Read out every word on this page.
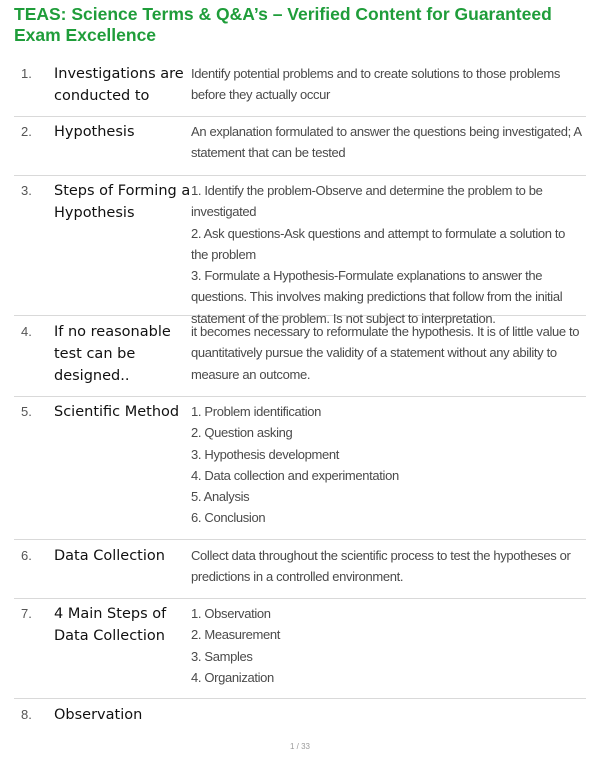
TEAS: Science Terms & Q&A’s – Verified Content for Guaranteed Exam Excellence
1. Investigations are conducted to
Identify potential problems and to create solutions to those problems before they actually occur
2. Hypothesis	An explanation formulated to answer the questions being investigated; A statement that can be tested
3. Steps of Forming a Hypothesis
1. Identify the problem-Observe and determine the problem to be investigated
2. Ask questions-Ask questions and attempt to formulate a solution to the problem
3. Formulate a Hypothesis-Formulate explanations to answer the questions. This involves making predictions that follow from the initial statement of the problem. Is not subject to interpretation.
4. If no reasonable test can be designed..
it becomes necessary to reformulate the hypothesis. It is of little value to quantitatively pursue the validity of a statement without any ability to measure an outcome.
5. Scientific Method 1. Problem identification
2. Question asking
3. Hypothesis development
4. Data collection and experimentation
5. Analysis
6. Conclusion
6. Data Collection	Collect data throughout the scientific process to test the hypotheses or predictions in a controlled environment.
7. 4 Main Steps of Data Collection
1. Observation
2. Measurement
3. Samples
4. Organization
8. Observation
1 / 33
